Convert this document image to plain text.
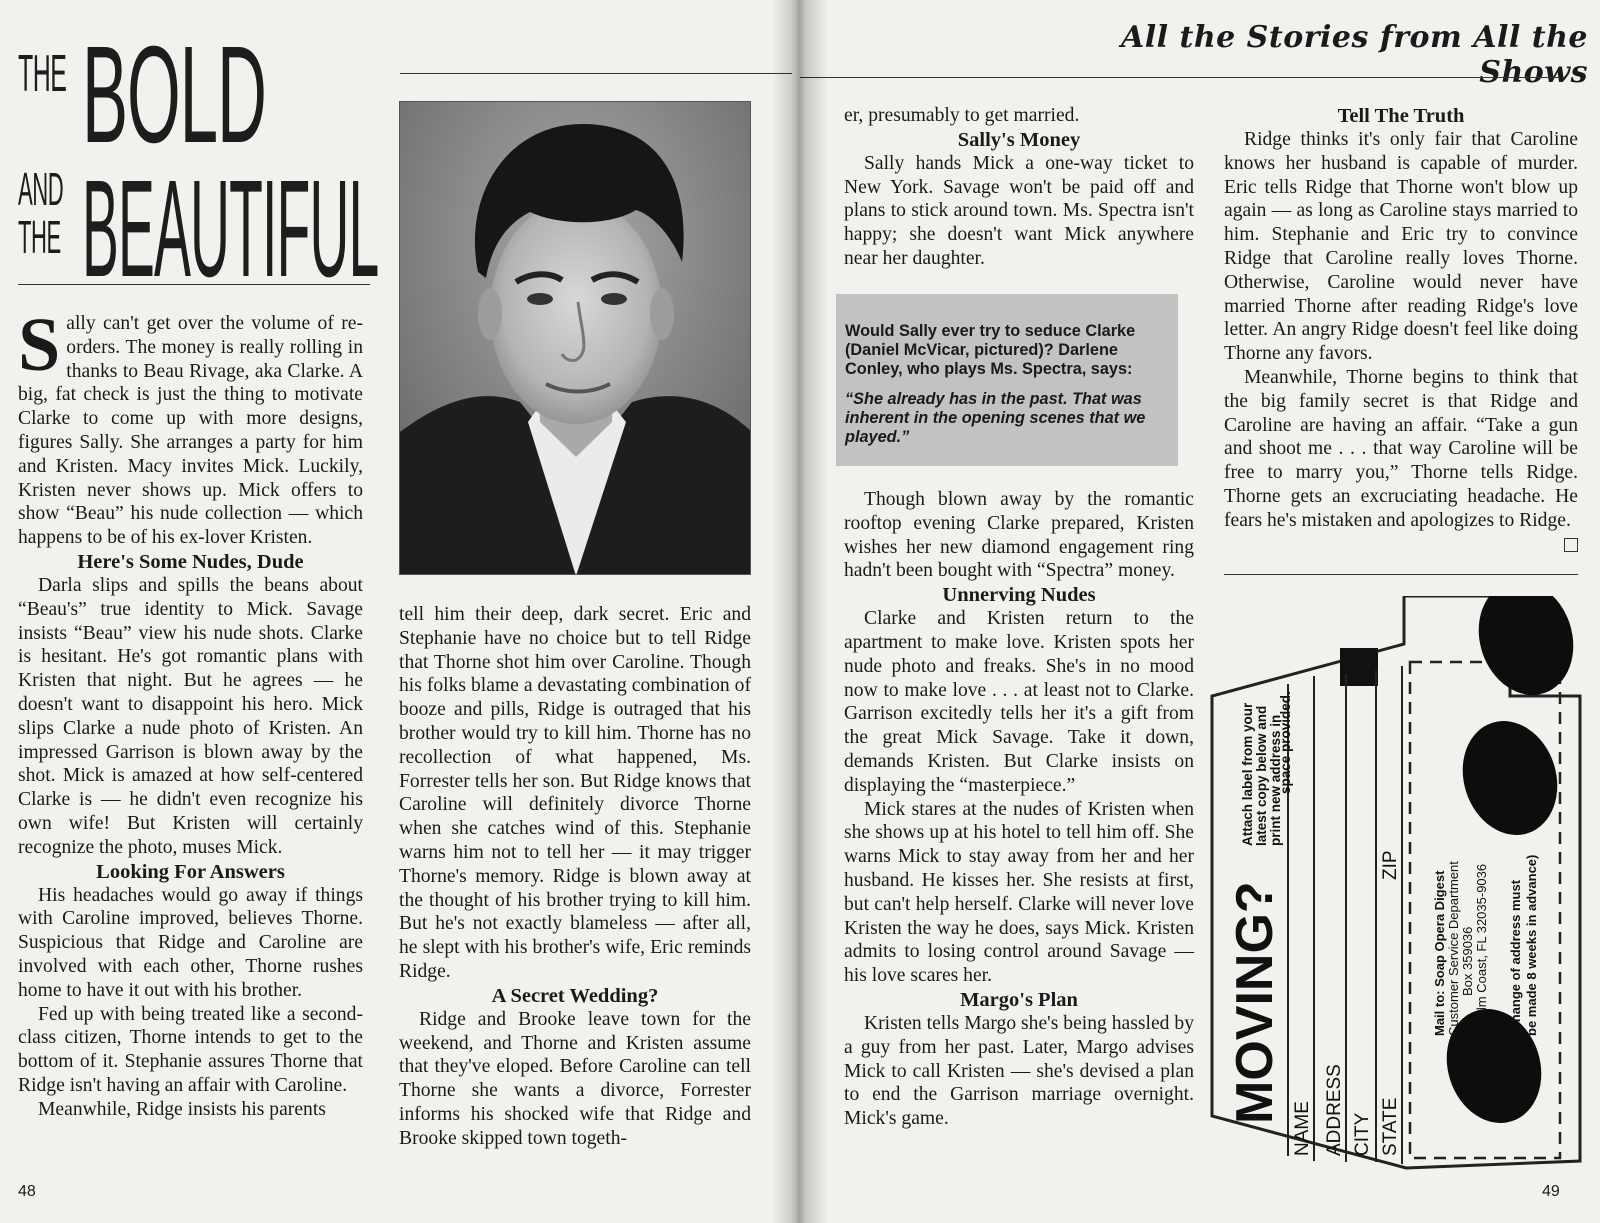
THE BOLD
AND
THE BEAUTIFUL

Sally can't get over the volume of re-orders. The money is really rolling in thanks to Beau Rivage, aka Clarke. A big, fat check is just the thing to motivate Clarke to come up with more designs, figures Sally. She arranges a party for him and Kristen. Macy invites Mick. Luckily, Kristen never shows up. Mick offers to show “Beau” his nude collection — which happens to be of his ex-lover Kristen.

Here's Some Nudes, Dude

Darla slips and spills the beans about “Beau's” true identity to Mick. Savage insists “Beau” view his nude shots. Clarke is hesitant. He's got romantic plans with Kristen that night. But he agrees — he doesn't want to disappoint his hero. Mick slips Clarke a nude photo of Kristen. An impressed Garrison is blown away by the shot. Mick is amazed at how self-centered Clarke is — he didn't even recognize his own wife! But Kristen will certainly recognize the photo, muses Mick.

Looking For Answers

His headaches would go away if things with Caroline improved, believes Thorne. Suspicious that Ridge and Caroline are involved with each other, Thorne rushes home to have it out with his brother.

Fed up with being treated like a second-class citizen, Thorne intends to get to the bottom of it. Stephanie assures Thorne that Ridge isn't having an affair with Caroline.

Meanwhile, Ridge insists his parents

tell him their deep, dark secret. Eric and Stephanie have no choice but to tell Ridge that Thorne shot him over Caroline. Though his folks blame a devastating combination of booze and pills, Ridge is outraged that his brother would try to kill him. Thorne has no recollection of what happened, Ms. Forrester tells her son. But Ridge knows that Caroline will definitely divorce Thorne when she catches wind of this. Stephanie warns him not to tell her — it may trigger Thorne's memory. Ridge is blown away at the thought of his brother trying to kill him. But he's not exactly blameless — after all, he slept with his brother's wife, Eric reminds Ridge.

A Secret Wedding?

Ridge and Brooke leave town for the weekend, and Thorne and Kristen assume that they've eloped. Before Caroline can tell Thorne she wants a divorce, Forrester informs his shocked wife that Ridge and Brooke skipped town togeth-

48
All the Stories from All the Shows

er, presumably to get married.

Sally's Money

Sally hands Mick a one-way ticket to New York. Savage won't be paid off and plans to stick around town. Ms. Spectra isn't happy; she doesn't want Mick anywhere near her daughter.

Would Sally ever try to seduce Clarke (Daniel McVicar, pictured)? Darlene Conley, who plays Ms. Spectra, says:
“She already has in the past. That was inherent in the opening scenes that we played.”

Though blown away by the romantic rooftop evening Clarke prepared, Kristen wishes her new diamond engagement ring hadn't been bought with “Spectra” money.

Unnerving Nudes

Clarke and Kristen return to the apartment to make love. Kristen spots her nude photo and freaks. She's in no mood now to make love . . . at least not to Clarke. Garrison excitedly tells her it's a gift from the great Mick Savage. Take it down, demands Kristen. But Clarke insists on displaying the “masterpiece.”

Mick stares at the nudes of Kristen when she shows up at his hotel to tell him off. She warns Mick to stay away from her and her husband. He kisses her. She resists at first, but can't help herself. Clarke will never love Kristen the way he does, says Mick. Kristen admits to losing control around Savage — his love scares her.

Margo's Plan

Kristen tells Margo she's being hassled by a guy from her past. Later, Margo advises Mick to call Kristen — she's devised a plan to end the Garrison marriage overnight. Mick's game.

Tell The Truth

Ridge thinks it's only fair that Caroline knows her husband is capable of murder. Eric tells Ridge that Thorne won't blow up again — as long as Caroline stays married to him. Stephanie and Eric try to convince Ridge that Caroline really loves Thorne. Otherwise, Caroline would never have married Thorne after reading Ridge's love letter. An angry Ridge doesn't feel like doing Thorne any favors.

Meanwhile, Thorne begins to think that the big family secret is that Ridge and Caroline are having an affair. “Take a gun and shoot me . . . that way Caroline will be free to marry you,” Thorne tells Ridge. Thorne gets an excruciating headache. He fears he's mistaken and apologizes to Ridge.

MOVING?
Attach label from your latest copy below and print new address in
space provided.
NAME ADDRESS CITY STATE
ZIP
Mail to: Soap Opera Digest Customer Service Department Box 359036 Palm Coast, FL 32035-9036 (Change of address must be made 8 weeks in advance)
49
